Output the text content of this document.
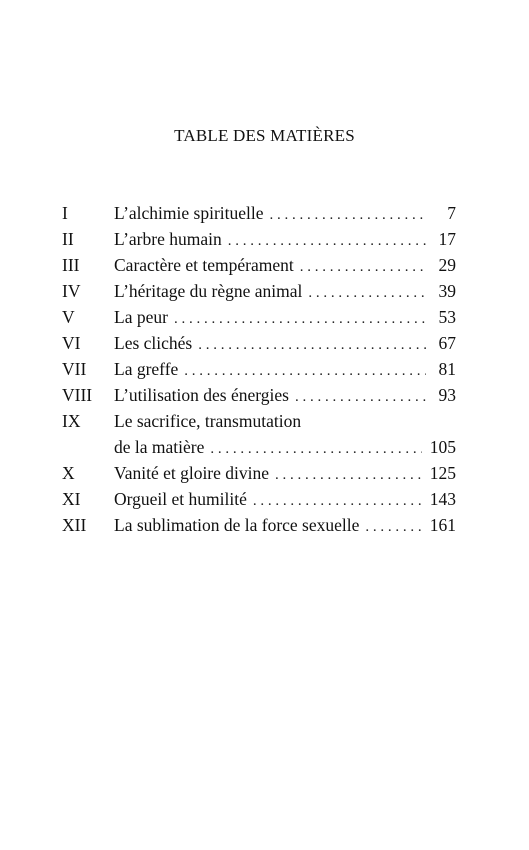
TABLE DES MATIÈRES
I	L’alchimie spirituelle . . .	7
II	L’arbre humain . . .	17
III	Caractère et tempérament . . .	29
IV	L’héritage du règne animal . . .	39
V	La peur . . .	53
VI	Les clichés . . .	67
VII	La greffe . . .	81
VIII	L’utilisation des énergies . . .	93
IX	Le sacrifice, transmutation
de la matière . . .	105
X	Vanité et gloire divine . . .	125
XI	Orgueil et humilité . . .	143
XII	La sublimation de la force sexuelle . . .	161
